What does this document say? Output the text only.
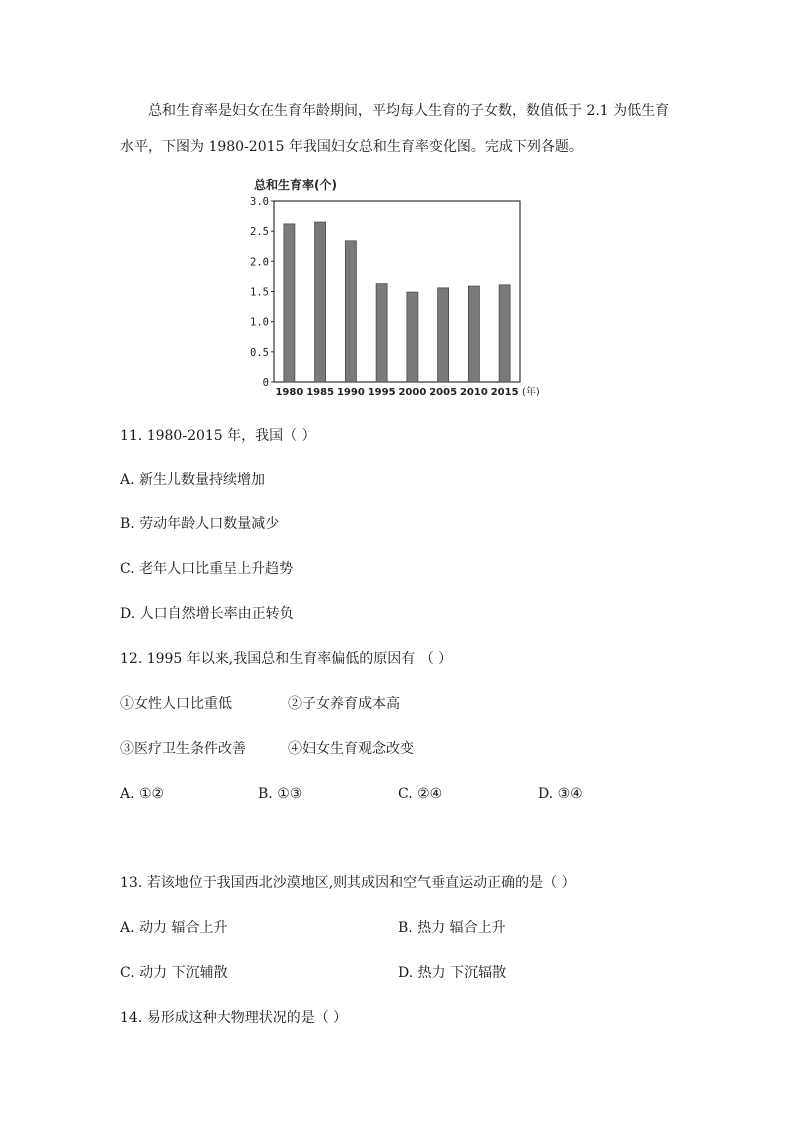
总和生育率是妇女在生育年龄期间，平均每人生育的子女数，数值低于 2.1 为低生育
水平，下图为 1980-2015 年我国妇女总和生育率变化图。完成下列各题。
总和生育率(个)
0
0.5
1.0
1.5
2.0
2.5
3.0
1980 1985 1990 1995 2000 2005 2010 2015 (年)
11. 1980-2015 年，我国（ ）
A. 新生儿数量持续增加
B. 劳动年龄人口数量减少
C. 老年人口比重呈上升趋势
D. 人口自然增长率由正转负
12. 1995 年以来,我国总和生育率偏低的原因有 （ ）
①女性人口比重低	②子女养育成本高
③医疗卫生条件改善	④妇女生育观念改变
A. ①②	B. ①③	C. ②④	D. ③④
13. 若该地位于我国西北沙漠地区,则其成因和空气垂直运动正确的是（ ）
A. 动力 辐合上升	B. 热力 辐合上升
C. 动力 下沉辅散	D. 热力 下沉辐散
14. 易形成这种大物理状况的是（ ）
